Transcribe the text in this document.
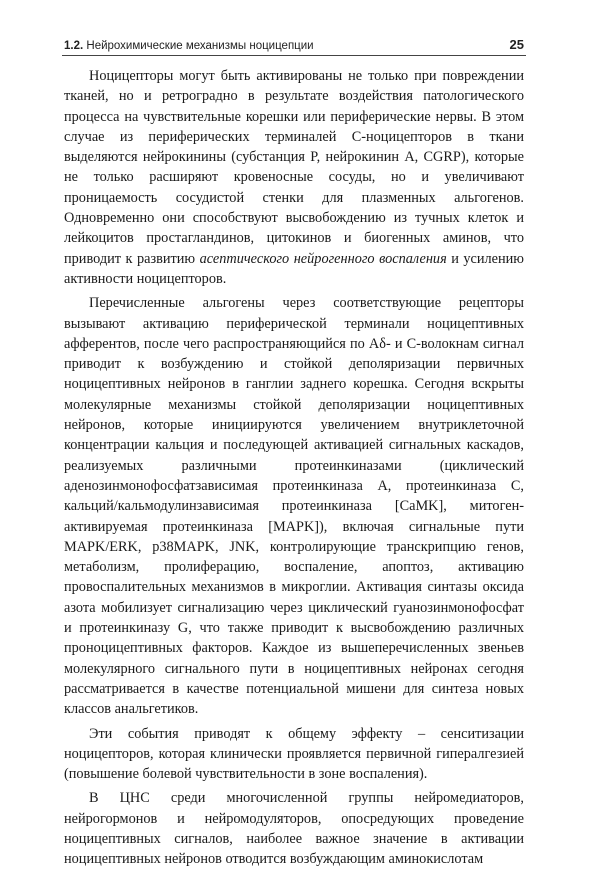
1.2. Нейрохимические механизмы ноцицепции	25

Ноцицепторы могут быть активированы не только при повреждении тканей, но и ретроградно в результате воздействия патологического процесса на чувствительные корешки или периферические нервы. В этом случае из периферических терминалей С-ноцицепторов в ткани выделяются нейрокинины (субстанция P, нейрокинин A, CGRP), которые не только расширяют кровеносные сосуды, но и увеличивают проницаемость сосудистой стенки для плазменных альгогенов. Одновременно они способствуют высвобождению из тучных клеток и лейкоцитов простагландинов, цитокинов и биогенных аминов, что приводит к развитию асептического нейрогенного воспаления и усилению активности ноцицепторов.

Перечисленные альгогены через соответствующие рецепторы вызывают активацию периферической терминали ноцицептивных афферентов, после чего распространяющийся по Aδ- и С-волокнам сигнал приводит к возбуждению и стойкой деполяризации первичных ноцицептивных нейронов в ганглии заднего корешка. Сегодня вскрыты молекулярные механизмы стойкой деполяризации ноцицептивных нейронов, которые инициируются увеличением внутриклеточной концентрации кальция и последующей активацией сигнальных каскадов, реализуемых различными протеинкиназами (циклический аденозинмонофосфатзависимая протеинкиназа А, протеинкиназа С, кальций/кальмодулинзависимая протеинкиназа [CaMK], митоген-активируемая протеинкиназа [MAPK]), включая сигнальные пути MAPK/ERK, p38MAPK, JNK, контролирующие транскрипцию генов, метаболизм, пролиферацию, воспаление, апоптоз, активацию провоспалительных механизмов в микроглии. Активация синтазы оксида азота мобилизует сигнализацию через циклический гуанозинмонофосфат и протеинкиназу G, что также приводит к высвобождению различных проноцицептивных факторов. Каждое из вышеперечисленных звеньев молекулярного сигнального пути в ноцицептивных нейронах сегодня рассматривается в качестве потенциальной мишени для синтеза новых классов анальгетиков.

Эти события приводят к общему эффекту – сенситизации ноцицепторов, которая клинически проявляется первичной гипералгезией (повышение болевой чувствительности в зоне воспаления).

В ЦНС среди многочисленной группы нейромедиаторов, нейрогормонов и нейромодуляторов, опосредующих проведение ноцицептивных сигналов, наиболее важное значение в активации ноцицептивных нейронов отводится возбуждающим аминокислотам
